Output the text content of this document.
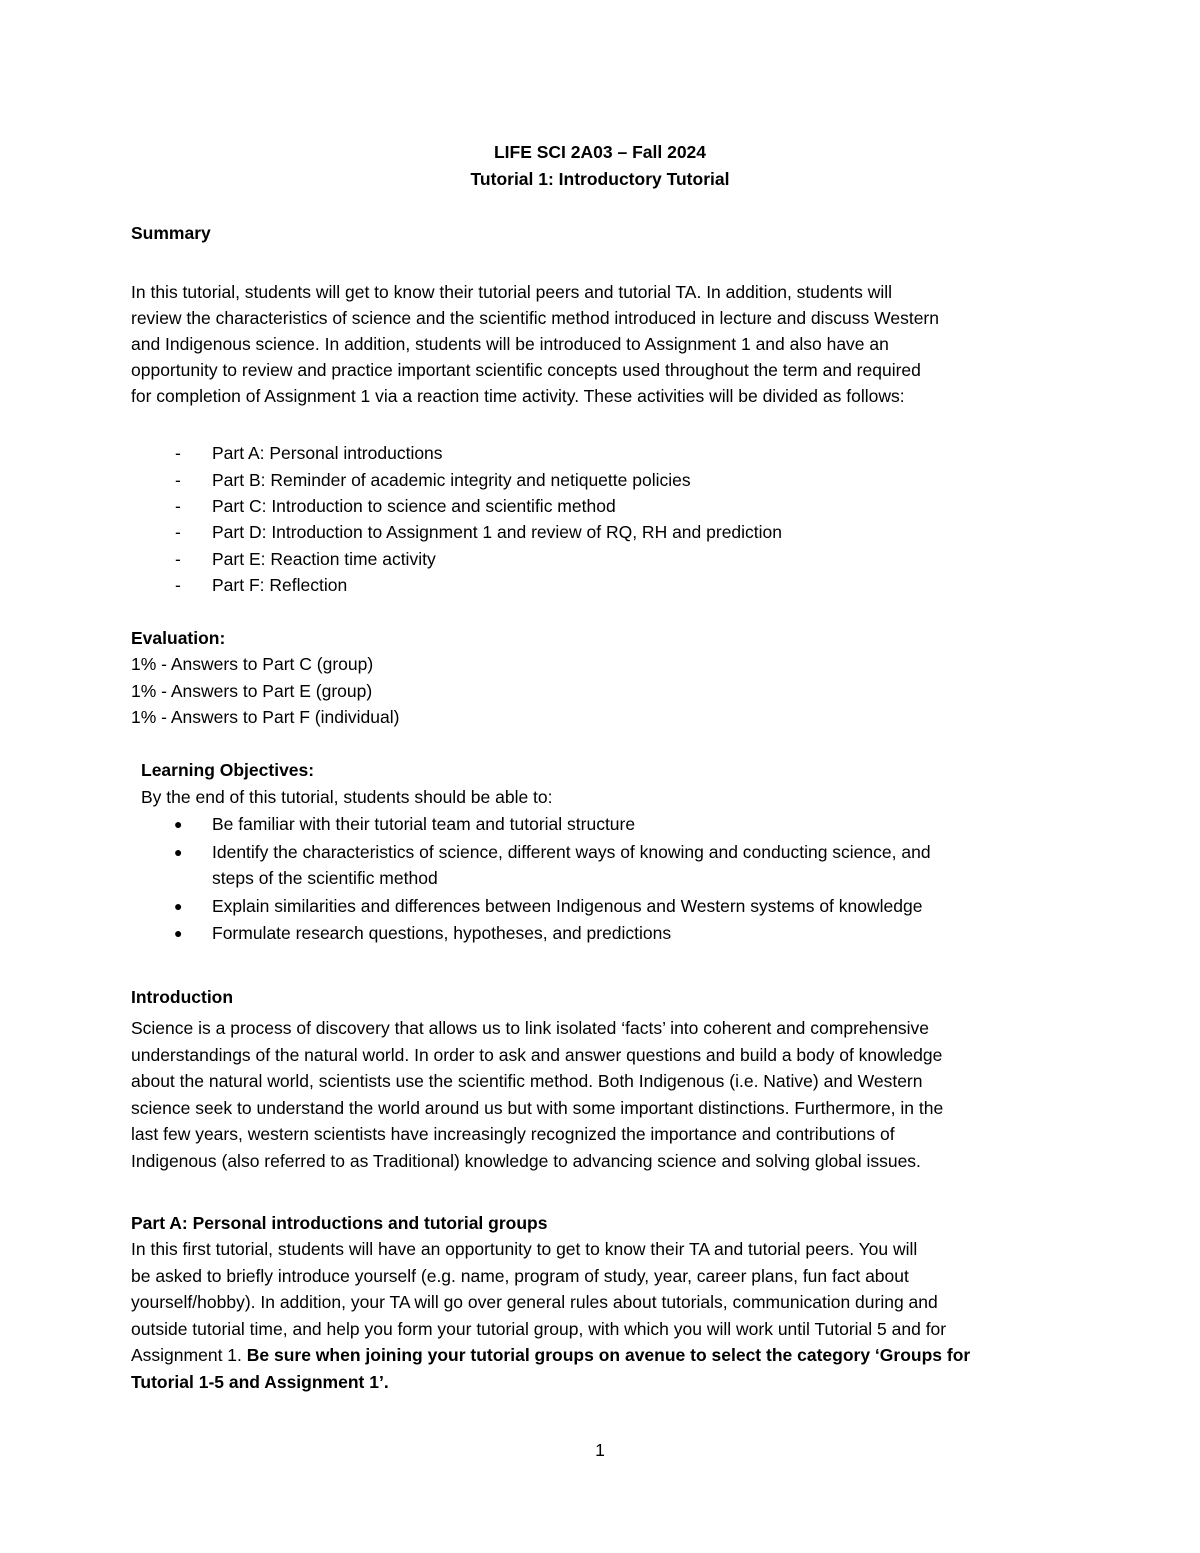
LIFE SCI 2A03 – Fall 2024
Tutorial 1: Introductory Tutorial
Summary
In this tutorial, students will get to know their tutorial peers and tutorial TA. In addition, students will
review the characteristics of science and the scientific method introduced in lecture and discuss Western
and Indigenous science. In addition, students will be introduced to Assignment 1 and also have an
opportunity to review and practice important scientific concepts used throughout the term and required
for completion of Assignment 1 via a reaction time activity. These activities will be divided as follows:
- Part A: Personal introductions
- Part B: Reminder of academic integrity and netiquette policies
- Part C: Introduction to science and scientific method
- Part D: Introduction to Assignment 1 and review of RQ, RH and prediction
- Part E: Reaction time activity
- Part F: Reflection
Evaluation:
1% - Answers to Part C (group)
1% - Answers to Part E (group)
1% - Answers to Part F (individual)
Learning Objectives:
By the end of this tutorial, students should be able to:
● Be familiar with their tutorial team and tutorial structure
● Identify the characteristics of science, different ways of knowing and conducting science, and
steps of the scientific method
● Explain similarities and differences between Indigenous and Western systems of knowledge
● Formulate research questions, hypotheses, and predictions
Introduction
Science is a process of discovery that allows us to link isolated ‘facts’ into coherent and comprehensive
understandings of the natural world. In order to ask and answer questions and build a body of knowledge
about the natural world, scientists use the scientific method. Both Indigenous (i.e. Native) and Western
science seek to understand the world around us but with some important distinctions. Furthermore, in the
last few years, western scientists have increasingly recognized the importance and contributions of
Indigenous (also referred to as Traditional) knowledge to advancing science and solving global issues.
Part A: Personal introductions and tutorial groups
In this first tutorial, students will have an opportunity to get to know their TA and tutorial peers. You will
be asked to briefly introduce yourself (e.g. name, program of study, year, career plans, fun fact about
yourself/hobby). In addition, your TA will go over general rules about tutorials, communication during and
outside tutorial time, and help you form your tutorial group, with which you will work until Tutorial 5 and for
Assignment 1. Be sure when joining your tutorial groups on avenue to select the category ‘Groups for
Tutorial 1-5 and Assignment 1’.
1
